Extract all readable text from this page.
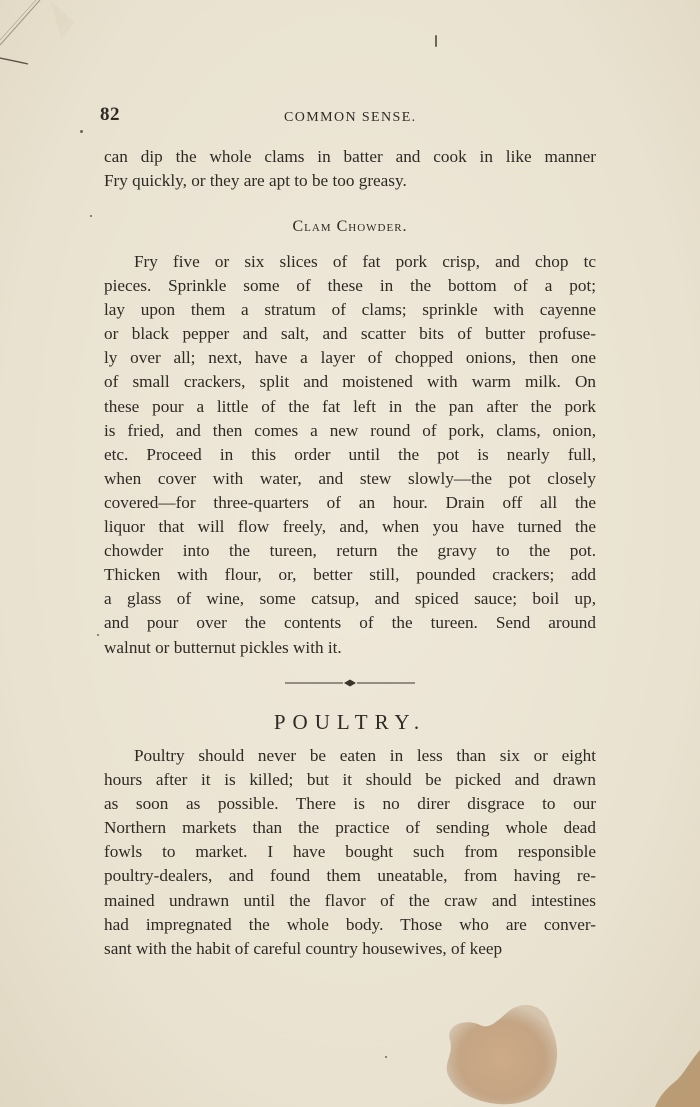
82	COMMON SENSE.
can dip the whole clams in batter and cook in like manner
Fry quickly, or they are apt to be too greasy.
Clam Chowder.
Fry five or six slices of fat pork crisp, and chop tc
pieces. Sprinkle some of these in the bottom of a pot;
lay upon them a stratum of clams; sprinkle with cayenne
or black pepper and salt, and scatter bits of butter profuse-
ly over all; next, have a layer of chopped onions, then one
of small crackers, split and moistened with warm milk. On
these pour a little of the fat left in the pan after the pork
is fried, and then comes a new round of pork, clams, onion,
etc. Proceed in this order until the pot is nearly full,
when cover with water, and stew slowly—the pot closely
covered—for three-quarters of an hour. Drain off all the
liquor that will flow freely, and, when you have turned the
chowder into the tureen, return the gravy to the pot.
Thicken with flour, or, better still, pounded crackers; add
a glass of wine, some catsup, and spiced sauce; boil up,
and pour over the contents of the tureen. Send around
walnut or butternut pickles with it.
POULTRY.
Poultry should never be eaten in less than six or eight
hours after it is killed; but it should be picked and drawn
as soon as possible. There is no direr disgrace to our
Northern markets than the practice of sending whole dead
fowls to market. I have bought such from responsible
poultry-dealers, and found them uneatable, from having re-
mained undrawn until the flavor of the craw and intestines
had impregnated the whole body. Those who are conver-
sant with the habit of careful country housewives, of keep
